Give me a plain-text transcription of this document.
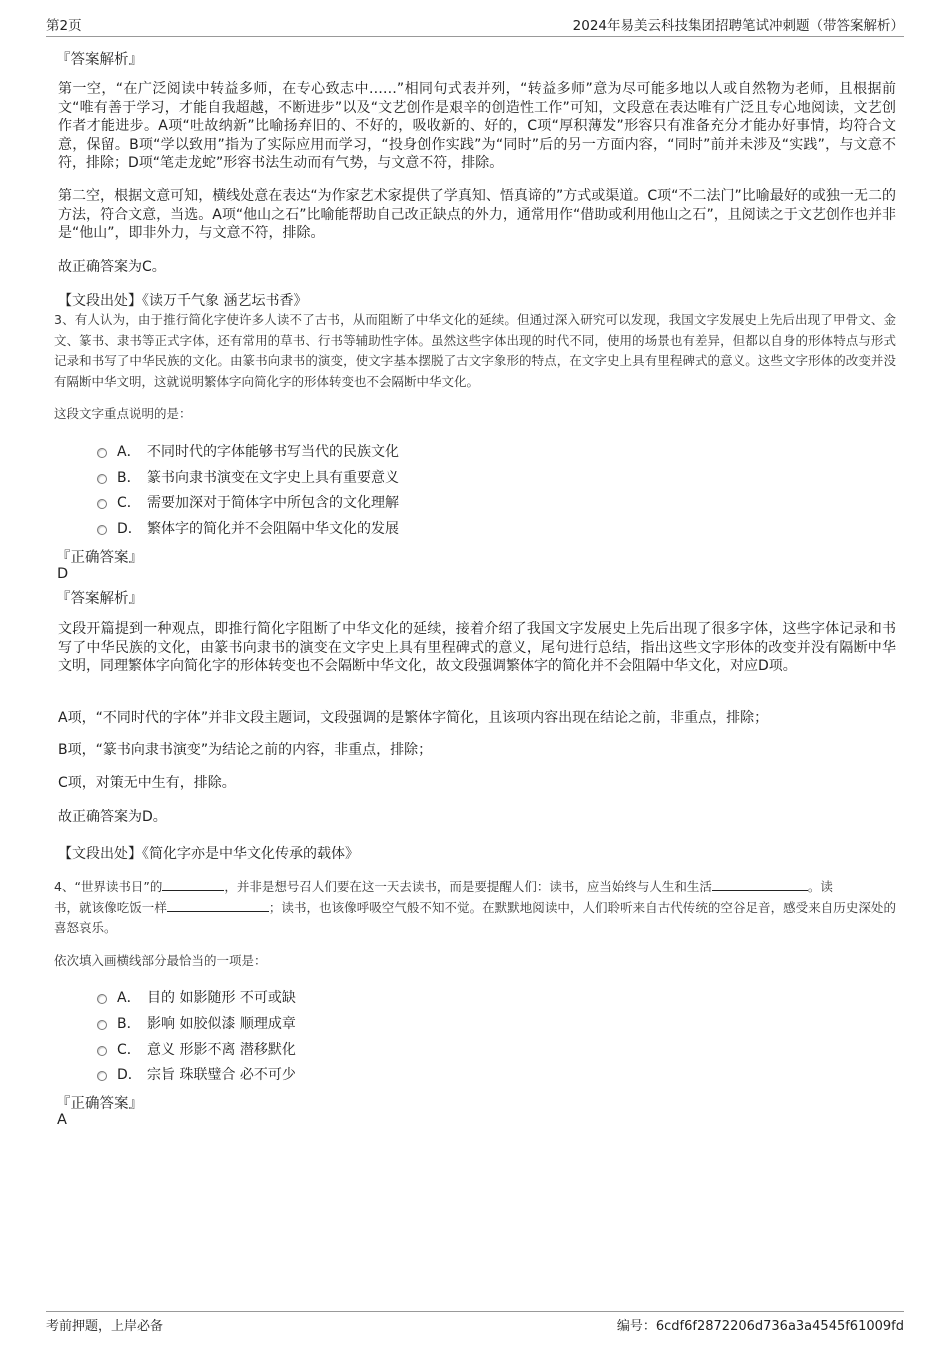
第2页	2024年易美云科技集团招聘笔试冲刺题（带答案解析）
『答案解析』
第一空，“在广泛阅读中转益多师，在专心致志中……”相同句式表并列，“转益多师”意为尽可能多地以人或自然物为老师，且根据前文“唯有善于学习，才能自我超越，不断进步”以及“文艺创作是艰辛的创造性工作”可知，文段意在表达唯有广泛且专心地阅读，文艺创作者才能进步。A项“吐故纳新”比喻扬弃旧的、不好的，吸收新的、好的，C项“厚积薄发”形容只有准备充分才能办好事情，均符合文意，保留。B项“学以致用”指为了实际应用而学习，“投身创作实践”为“同时”后的另一方面内容，“同时”前并未涉及“实践”，与文意不符，排除；D项“笔走龙蛇”形容书法生动而有气势，与文意不符，排除。
第二空，根据文意可知，横线处意在表达“为作家艺术家提供了学真知、悟真谛的”方式或渠道。C项“不二法门”比喻最好的或独一无二的方法，符合文意，当选。A项“他山之石”比喻能帮助自己改正缺点的外力，通常用作“借助或利用他山之石”，且阅读之于文艺创作也并非是“他山”，即非外力，与文意不符，排除。
故正确答案为C。
【文段出处】《读万千气象 涵艺坛书香》
3、有人认为，由于推行简化字使许多人读不了古书，从而阻断了中华文化的延续。但通过深入研究可以发现，我国文字发展史上先后出现了甲骨文、金文、篆书、隶书等正式字体，还有常用的草书、行书等辅助性字体。虽然这些字体出现的时代不同，使用的场景也有差异，但都以自身的形体特点与形式记录和书写了中华民族的文化。由篆书向隶书的演变，使文字基本摆脱了古文字象形的特点，在文字史上具有里程碑式的意义。这些文字形体的改变并没有隔断中华文明，这就说明繁体字向简化字的形体转变也不会隔断中华文化。
这段文字重点说明的是：
A． 不同时代的字体能够书写当代的民族文化
B． 篆书向隶书演变在文字史上具有重要意义
C． 需要加深对于简体字中所包含的文化理解
D． 繁体字的简化并不会阻隔中华文化的发展
『正确答案』
D
『答案解析』
文段开篇提到一种观点，即推行简化字阻断了中华文化的延续，接着介绍了我国文字发展史上先后出现了很多字体，这些字体记录和书写了中华民族的文化，由篆书向隶书的演变在文字史上具有里程碑式的意义，尾句进行总结，指出这些文字形体的改变并没有隔断中华文明，同理繁体字向简化字的形体转变也不会隔断中华文化，故文段强调繁体字的简化并不会阻隔中华文化，对应D项。
A项，“不同时代的字体”并非文段主题词，文段强调的是繁体字简化，且该项内容出现在结论之前，非重点，排除；
B项，“篆书向隶书演变”为结论之前的内容，非重点，排除；
C项，对策无中生有，排除。
故正确答案为D。
【文段出处】《简化字亦是中华文化传承的载体》
4、“世界读书日”的	，并非是想号召人们要在这一天去读书，而是要提醒人们：读书，应当始终与人生和生活	。读
书，就该像吃饭一样	；读书，也该像呼吸空气般不知不觉。在默默地阅读中，人们聆听来自古代传统的空谷足音，感受来自历史深处的喜怒哀乐。
依次填入画横线部分最恰当的一项是：
A． 目的 如影随形 不可或缺
B． 影响 如胶似漆 顺理成章
C． 意义 形影不离 潜移默化
D． 宗旨 珠联璧合 必不可少
『正确答案』
A
考前押题，上岸必备	编号：6cdf6f2872206d736a3a4545f61009fd
